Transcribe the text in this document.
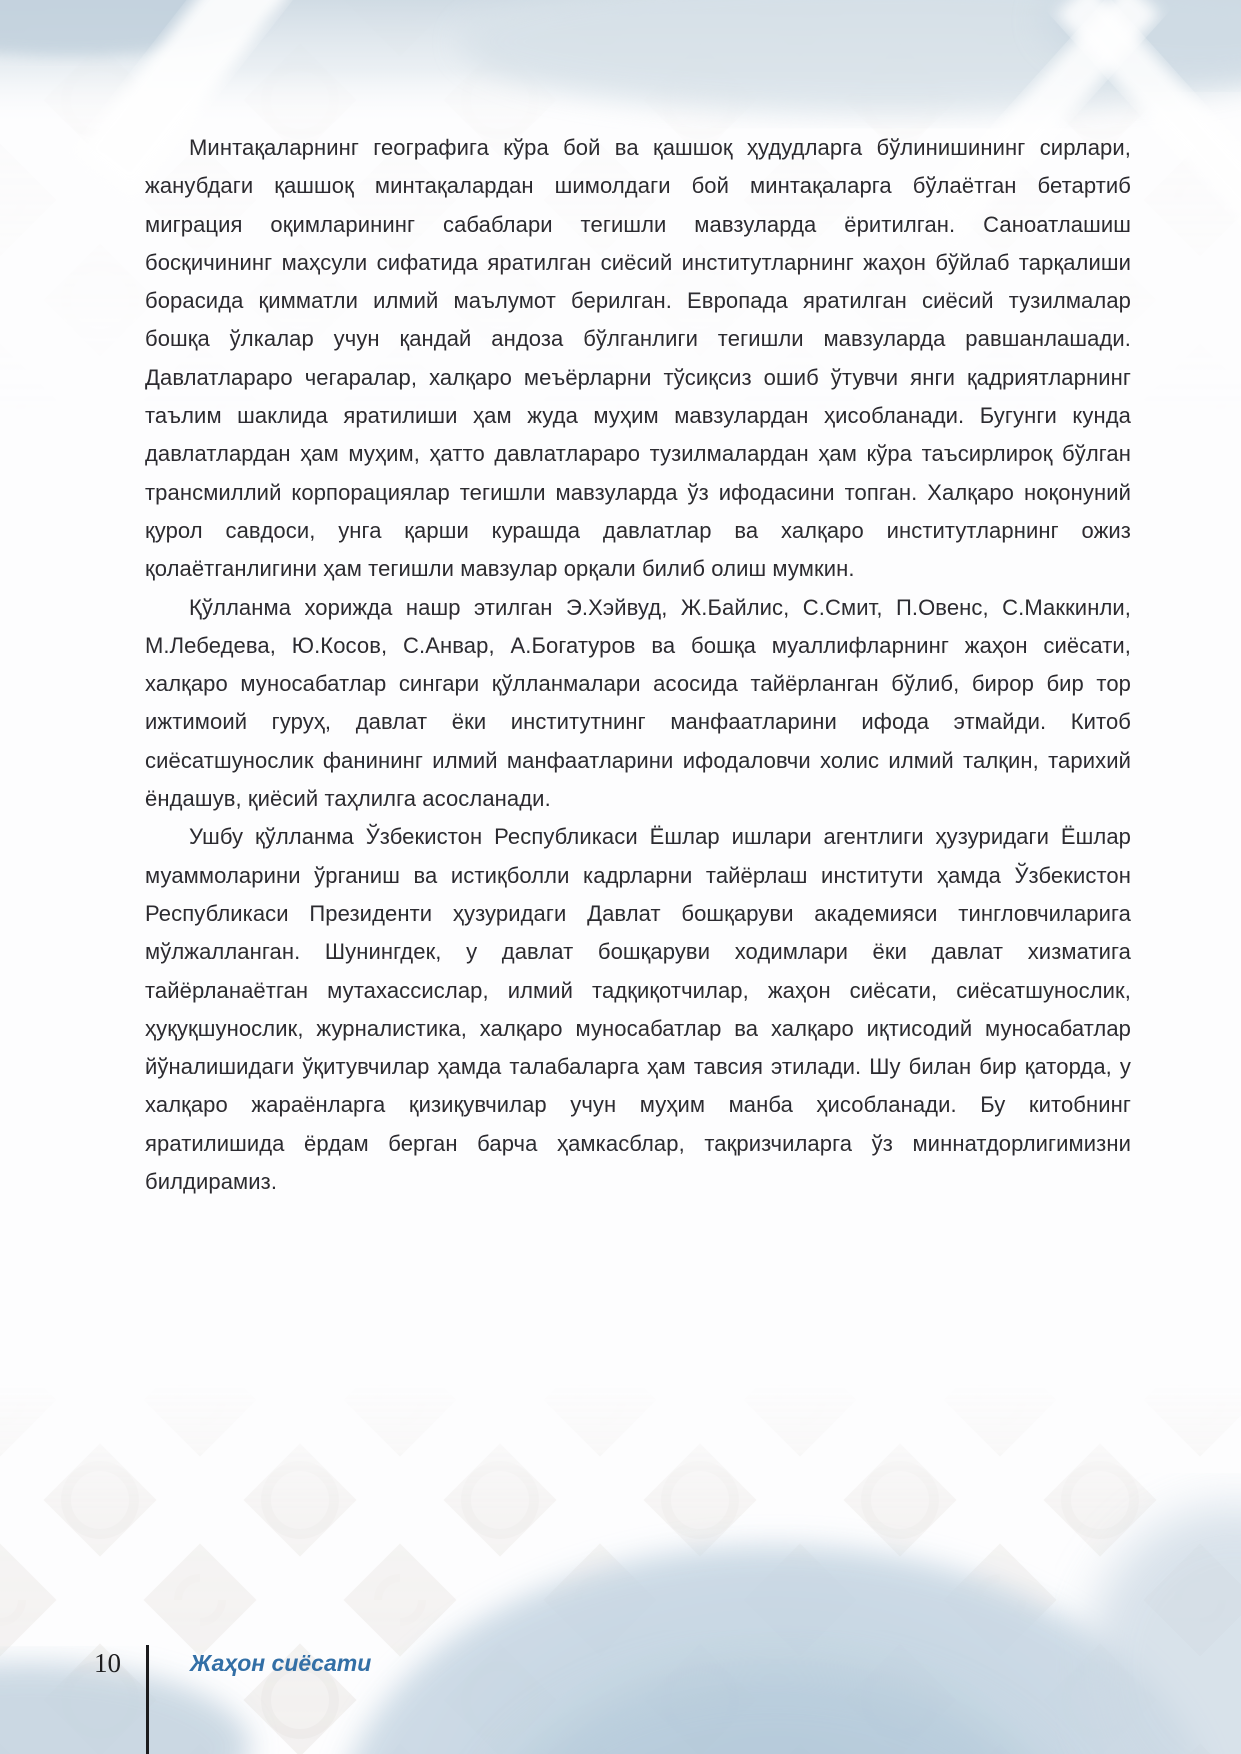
Минтақаларнинг географига кўра бой ва қашшоқ ҳудудларга бўлинишининг сирлари, жанубдаги қашшоқ минтақалардан шимолдаги бой минтақаларга бўлаётган бетартиб миграция оқимларининг сабаблари тегишли мавзуларда ёритилган. Саноатлашиш босқичининг маҳсули сифатида яратилган сиёсий институтларнинг жаҳон бўйлаб тарқалиши борасида қимматли илмий маълумот берилган. Европада яратилган сиёсий тузилмалар бошқа ўлкалар учун қандай андоза бўлганлиги тегишли мавзуларда равшанлашади. Давлатлараро чегаралар, халқаро меъёрларни тўсиқсиз ошиб ўтувчи янги қадриятларнинг таълим шаклида яратилиши ҳам жуда муҳим мавзулардан ҳисобланади. Бугунги кунда давлатлардан ҳам муҳим, ҳатто давлатлараро тузилмалардан ҳам кўра таъсирлироқ бўлган трансмиллий корпорациялар тегишли мавзуларда ўз ифодасини топган. Халқаро ноқонуний қурол савдоси, унга қарши курашда давлатлар ва халқаро институтларнинг ожиз қолаётганлигини ҳам тегишли мавзулар орқали билиб олиш мумкин.

Қўлланма хорижда нашр этилган Э.Хэйвуд, Ж.Байлис, С.Смит, П.Овенс, С.Маккинли, М.Лебедева, Ю.Косов, С.Анвар, А.Богатуров ва бошқа муаллифларнинг жаҳон сиёсати, халқаро муносабатлар сингари қўлланмалари асосида тайёрланган бўлиб, бирор бир тор ижтимоий гуруҳ, давлат ёки институтнинг манфаатларини ифода этмайди. Китоб сиёсатшунослик фанининг илмий манфаатларини ифодаловчи холис илмий талқин, тарихий ёндашув, қиёсий таҳлилга асосланади.

Ушбу қўлланма Ўзбекистон Республикаси Ёшлар ишлари агентлиги ҳузуридаги Ёшлар муаммоларини ўрганиш ва истиқболли кадрларни тайёрлаш институти ҳамда Ўзбекистон Республикаси Президенти ҳузуридаги Давлат бошқаруви академияси тингловчиларига мўлжалланган. Шунингдек, у давлат бошқаруви ходимлари ёки давлат хизматига тайёрланаётган мутахассислар, илмий тадқиқотчилар, жаҳон сиёсати, сиёсатшунослик, ҳуқуқшунослик, журналистика, халқаро муносабатлар ва халқаро иқтисодий муносабатлар йўналишидаги ўқитувчилар ҳамда талабаларга ҳам тавсия этилади. Шу билан бир қаторда, у халқаро жараёнларга қизиқувчилар учун муҳим манба ҳисобланади. Бу китобнинг яратилишида ёрдам берган барча ҳамкасблар, тақризчиларга ўз миннатдорлигимизни билдирамиз.

10	Жаҳон сиёсати
